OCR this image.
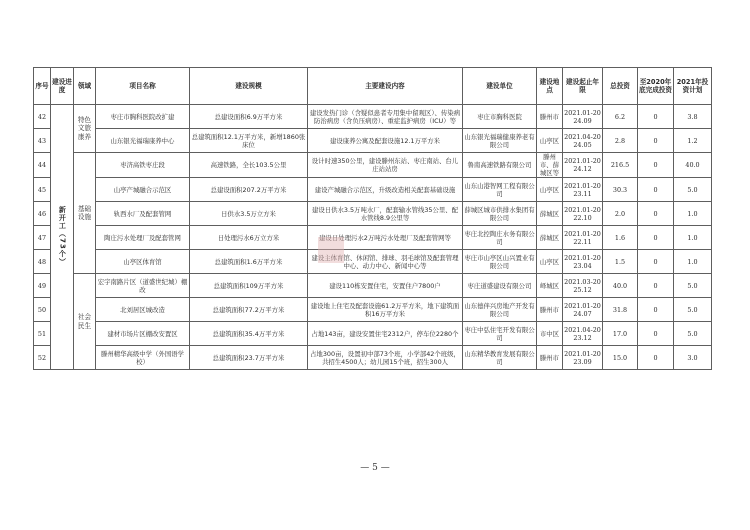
序号	建设进度	领域	项目名称	建设规模	主要建设内容	建设单位	建设地点	建设起止年限	总投资	至2020年底完成投资	2021年投资计划
42	新开工（73个）	特色文旅康养	枣庄市胸科医院改扩建	总建设面积6.9万平方米	建设发热门诊（含疑似患者专用集中留观区）、传染病防治病房（含负压病房）、重症监护病房（ICU）等	枣庄市胸科医院	滕州市	2021.01-2024.09	6.2	0	3.8
43			山东银光福瑞康养中心	总建筑面积12.1万平方米，新增1860张床位	建设康养公寓及配套设施12.1万平方米	山东银光福瑞健康养老有限公司	山亭区	2021.04-2024.05	2.8	0	1.2
44		基础设施	枣济高铁枣庄段	高速铁路，全长103.5公里	设计时速350公里，建设滕州东站、枣庄南站、台儿庄站站房	鲁南高速铁路有限公司	滕州市、薛城区等	2021.01-2024.12	216.5	0	40.0
45			山亭产城融合示范区	总建设面积207.2万平方米	建设产城融合示范区，升级改造相关配套基础设施	山东山港智网工程有限公司	山亭区	2021.01-2023.11	30.3	0	5.0
46			轨西水厂及配套管网	日供水3.5万立方米	建设日供水3.5万吨水厂，配套输水管线35公里、配水管线8.9公里等	薛城区城市供排水集团有限公司	薛城区	2021.01-2022.10	2.0	0	1.0
47			陶庄污水处理厂及配套管网	日处理污水6万立方米	建设日处理污水2万吨污水处理厂及配套管网等	枣庄北控陶庄水务有限公司	薛城区	2021.01-2022.11	1.6	0	1.0
48			山亭区体育馆	总建筑面积1.6万平方米	建设主体育馆、休闲馆、排球、羽毛球馆及配套管理中心、动力中心、新闻中心等	枣庄市山亭区山兴置业有限公司	山亭区	2021.01-2023.04	1.5	0	1.0
49		社会民生	宏宇南路片区（道盛世纪城）棚改	总建筑面积109万平方米	建设110栋安置住宅，安置住户7800户	枣庄道盛建设有限公司	峄城区	2021.03-2025.12	40.0	0	5.0
50			北刘居区城改造	总建筑面积77.2万平方米	建设地上住宅及配套设施61.2万平方米，地下建筑面积16万平方米	山东德伴兴房地产开发有限公司	滕州市	2021.01-2024.07	31.8	0	5.0
51			建材市场片区棚改安置区	总建筑面积35.4万平方米	占地143亩，建设安置住宅2312户，停车位2280个	枣庄中弘住宅开发有限公司	市中区	2021.04-2023.12	17.0	0	5.0
52			滕州精华高级中学（外国语学校）	总建筑面积23.7万平方米	占地300亩，设置初中部73个班，小学部42个班级，共招生4500人；幼儿园15个班，招生300人	山东精华教育发展有限公司	滕州市	2021.01-2023.09	15.0	0	3.0
— 5 —
